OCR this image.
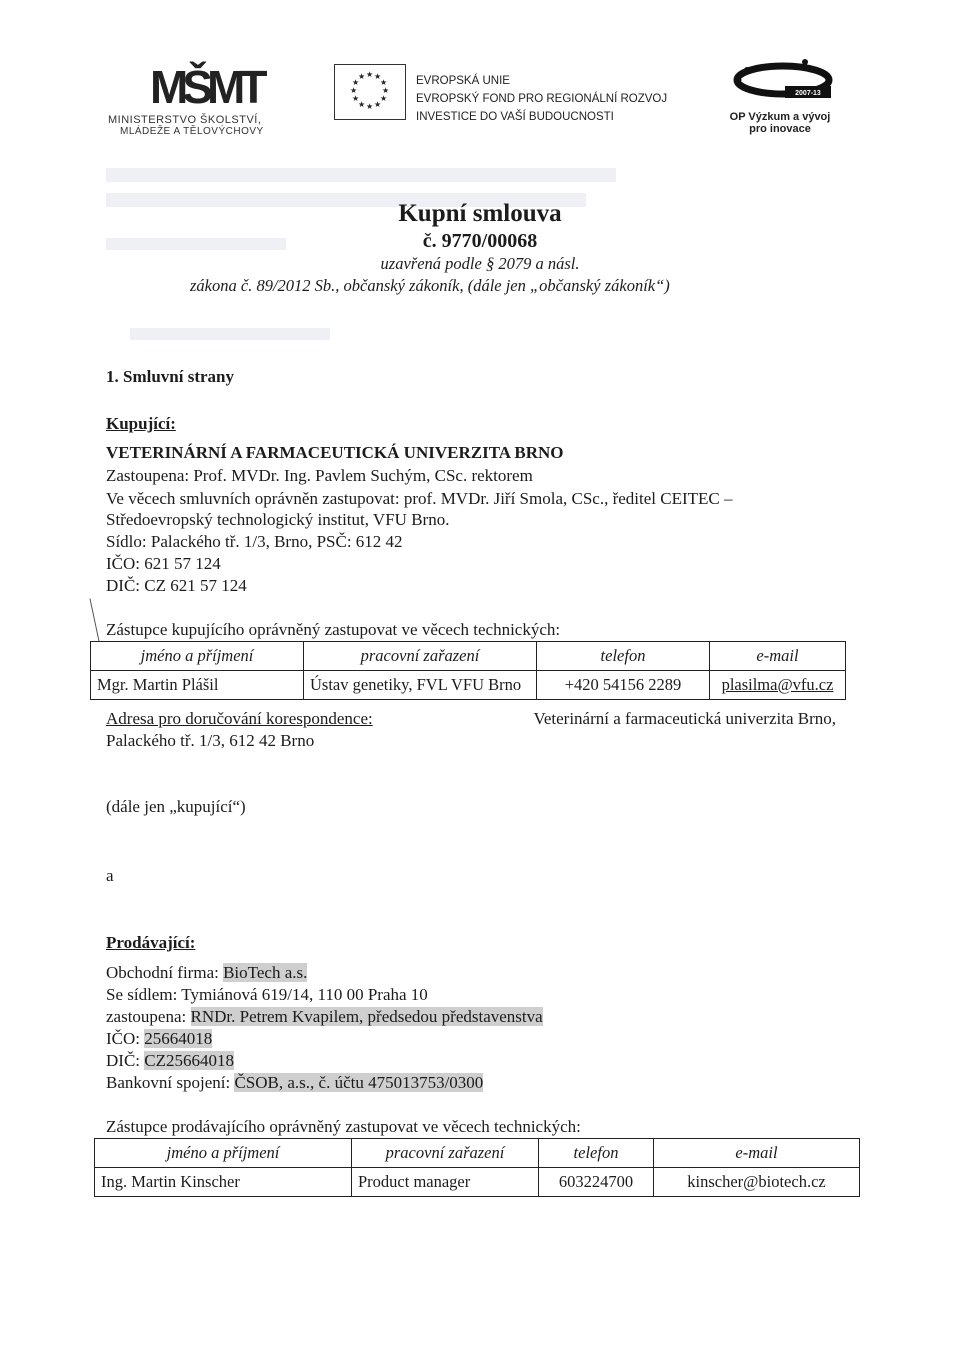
MŠMT
MINISTERSTVO ŠKOLSTVÍ,
MLÁDEŽE A TĚLOVÝCHOVY
★ ★
★
★
★
★
★
★
★
★
★
★	EVROPSKÁ UNIE
EVROPSKÝ FOND PRO REGIONÁLNÍ ROZVOJ
INVESTICE DO VAŠÍ BUDOUCNOSTI
2007-13
OP Výzkum a vývoj
pro inovace
Kupní smlouva
č. 9770/00068
uzavřená podle § 2079 a násl.
zákona č. 89/2012 Sb., občanský zákoník, (dále jen „občanský zákoník“)
1. Smluvní strany
Kupující:
VETERINÁRNÍ A FARMACEUTICKÁ UNIVERZITA BRNO
Zastoupena: Prof. MVDr. Ing. Pavlem Suchým, CSc. rektorem
Ve věcech smluvních oprávněn zastupovat: prof. MVDr. Jiří Smola, CSc., ředitel CEITEC –
Středoevropský technologický institut, VFU Brno.
Sídlo: Palackého tř. 1/3, Brno, PSČ: 612 42
IČO: 621 57 124
DIČ: CZ 621 57 124
Zástupce kupujícího oprávněný zastupovat ve věcech technických:
jméno a příjmení	pracovní zařazení	telefon	e-mail
Mgr. Martin Plášil	Ústav genetiky, FVL VFU Brno	+420 54156 2289	plasilma@vfu.cz
Adresa pro doručování korespondence:	Veterinární a farmaceutická univerzita Brno,
Palackého tř. 1/3, 612 42 Brno
(dále jen „kupující“)
a
Prodávající:
Obchodní firma: BioTech a.s.
Se sídlem: Tymiánová 619/14, 110 00 Praha 10
zastoupena: RNDr. Petrem Kvapilem, předsedou představenstva
IČO: 25664018
DIČ: CZ25664018
Bankovní spojení: ČSOB, a.s., č. účtu 475013753/0300
Zástupce prodávajícího oprávněný zastupovat ve věcech technických:
jméno a příjmení	pracovní zařazení	telefon	e-mail
Ing. Martin Kinscher	Product manager	603224700	kinscher@biotech.cz
